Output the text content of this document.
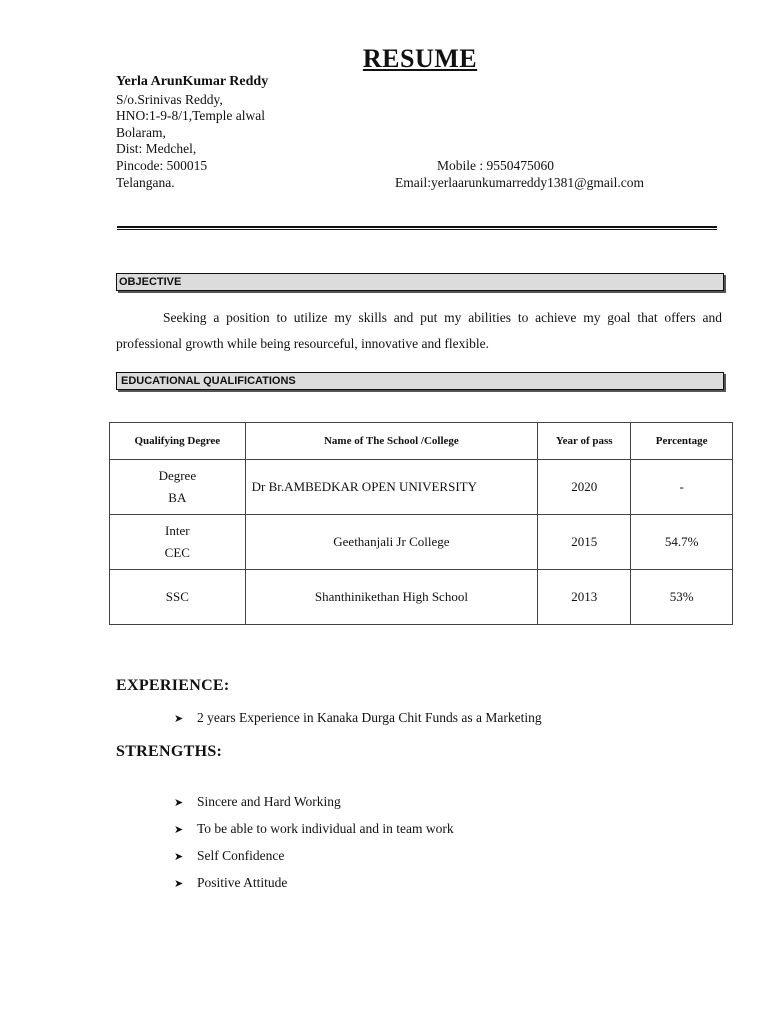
RESUME
Yerla ArunKumar Reddy
S/o.Srinivas Reddy,
HNO:1-9-8/1,Temple alwal
Bolaram,
Dist: Medchel,
Pincode: 500015
Telangana.
Mobile : 9550475060
Email:yerlaarunkumarreddy1381@gmail.com
OBJECTIVE
Seeking a position to utilize my skills and put my abilities to achieve my goal that offers and professional growth while being resourceful, innovative and flexible.
EDUCATIONAL QUALIFICATIONS
Qualifying Degree	Name of The School /College	Year of pass	Percentage

Degree
BA	Dr Br.AMBEDKAR OPEN UNIVERSITY	2020	-

Inter
CEC	Geethanjali Jr College	2015	54.7%

SSC	Shanthinikethan High School	2013	53%
EXPERIENCE:
➤ 2 years Experience in Kanaka Durga Chit Funds as a Marketing
STRENGTHS:
➤ Sincere and Hard Working
➤ To be able to work individual and in team work
➤ Self Confidence
➤ Positive Attitude
